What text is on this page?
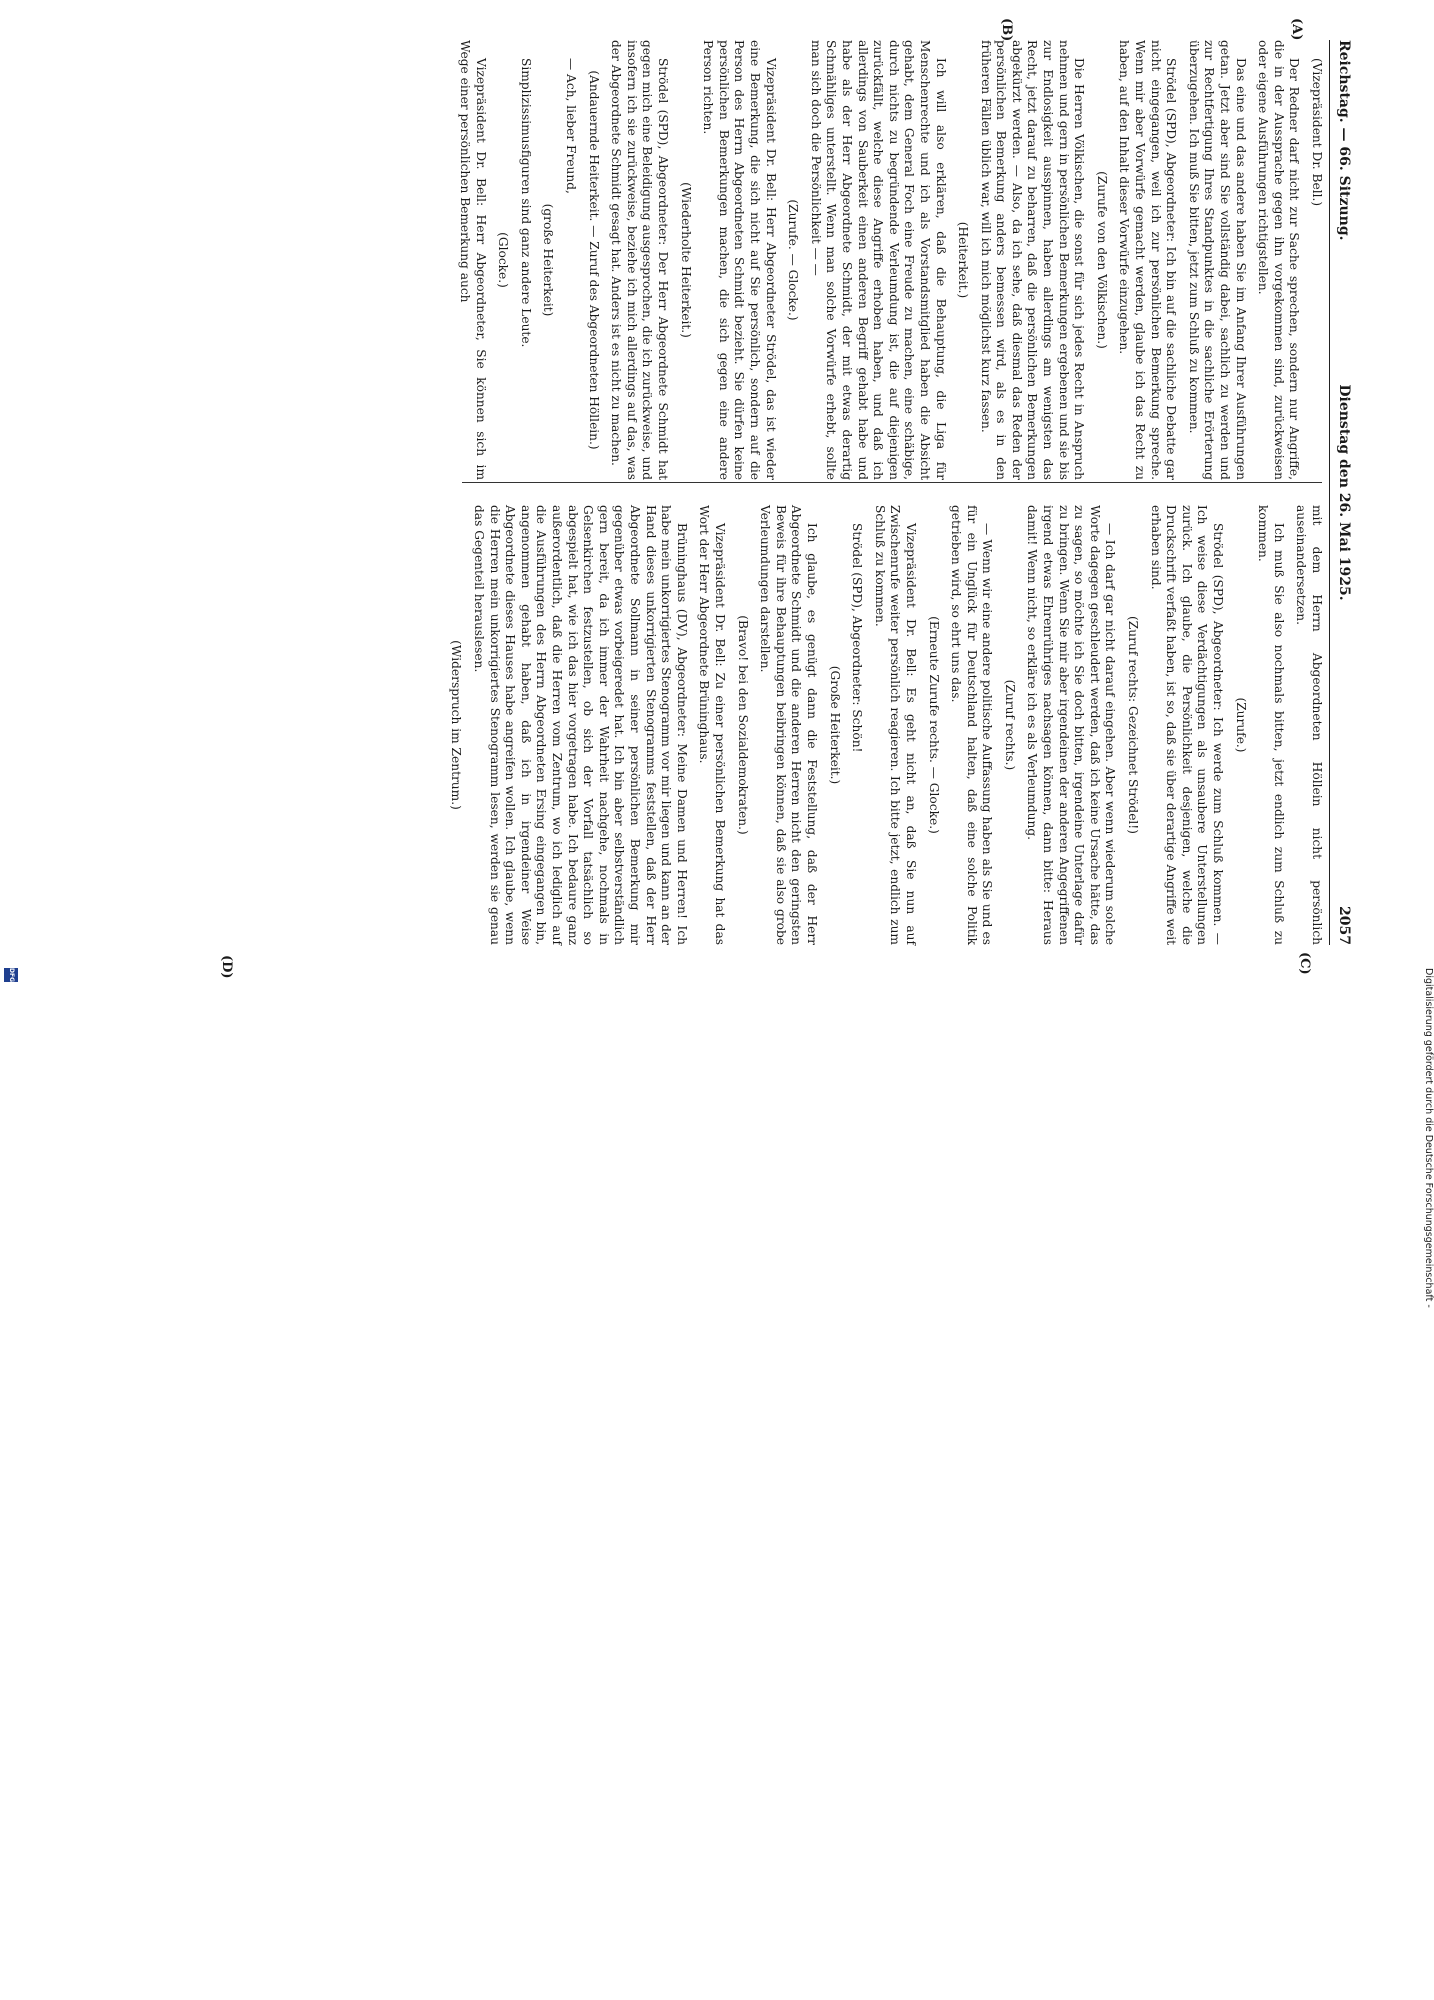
Reichstag. — 66. Sitzung.
Dienstag den 26. Mai 1925.
2057
(A)
(B)
(C)
(D)

(Vizepräsident Dr. Bell.)

Der Redner darf nicht zur Sache sprechen, sondern nur Angriffe, die in der Aussprache gegen ihn vorgekommen sind, zurückweisen oder eigene Ausführungen richtigstellen.

Das eine und das andere haben Sie im Anfang Ihrer Ausführungen getan. Jetzt aber sind Sie vollständig dabei, sachlich zu werden und zur Rechtfertigung Ihres Standpunktes in die sachliche Erörterung überzugehen. Ich muß Sie bitten, jetzt zum Schluß zu kommen.

Strödel (SPD), Abgeordneter: Ich bin auf die sachliche Debatte gar nicht eingegangen, weil ich zur persönlichen Bemerkung spreche. Wenn mir aber Vorwürfe gemacht werden, glaube ich das Recht zu haben, auf den Inhalt dieser Vorwürfe einzugehen.

(Zurufe von den Völkischen.)

Die Herren Völkischen, die sonst für sich jedes Recht in Anspruch nehmen und gern in persönlichen Bemerkungen ergebenen und sie bis zur Endlosigkeit ausspinnen, haben allerdings am wenigsten das Recht, jetzt darauf zu beharren, daß die persönlichen Bemerkungen abgekürzt werden. — Also, da ich sehe, daß diesmal das Reden der persönlichen Bemerkung anders bemessen wird, als es in den früheren Fällen üblich war, will ich mich möglichst kurz fassen.

(Heiterkeit.)

Ich will also erklären, daß die Behauptung, die Liga für Menschenrechte und ich als Vorstandsmitglied haben die Absicht gehabt, dem General Foch eine Freude zu machen, eine schäbige, durch nichts zu begründende Verleumdung ist, die auf diejenigen zurückfällt, welche diese Angriffe erhoben haben, und daß ich allerdings von Sauberkeit einen anderen Begriff gehabt habe und habe als der Herr Abgeordnete Schmidt, der mit etwas derartig Schmähliges unterstellt. Wenn man solche Vorwürfe erhebt, sollte man sich doch die Persönlichkeit — —

(Zurufe. — Glocke.)

Vizepräsident Dr. Bell: Herr Abgeordneter Strödel, das ist wieder eine Bemerkung, die sich nicht auf Sie persönlich, sondern auf die Person des Herrn Abgeordneten Schmidt bezieht. Sie dürfen keine persönlichen Bemerkungen machen, die sich gegen eine andere Person richten.

(Wiederholte Heiterkeit.)

Strödel (SPD), Abgeordneter: Der Herr Abgeordnete Schmidt hat gegen mich eine Beleidigung ausgesprochen, die ich zurückweise, und insofern ich sie zurückweise, beziehe ich mich allerdings auf das, was der Abgeordnete Schmidt gesagt hat. Anders ist es nicht zu machen.

(Andauernde Heiterkeit. — Zuruf des Abgeordneten Höllein.)

— Ach, lieber Freund,

(große Heiterkeit)

Simplizissimusfiguren sind ganz andere Leute.

(Glocke.)

Vizepräsident Dr. Bell: Herr Abgeordneter, Sie können sich im Wege einer persönlichen Bemerkung auch

mit dem Herrn Abgeordneten Höllein nicht persönlich auseinandersetzen.

Ich muß Sie also nochmals bitten, jetzt endlich zum Schluß zu kommen.

(Zurufe.)

Strödel (SPD), Abgeordneter: Ich werde zum Schluß kommen. — Ich weise diese Verdächtigungen als unsaubere Unterstellungen zurück. Ich glaube, die Persönlichkeit desjenigen, welche die Druckschrift verfaßt haben, ist so, daß sie über derartige Angriffe weit erhaben sind.

(Zuruf rechts: Gezeichnet Strödel!)

— Ich darf gar nicht darauf eingehen. Aber wenn wiederum solche Worte dagegen geschleudert werden, daß ich keine Ursache hätte, das zu sagen, so möchte ich Sie doch bitten, irgendeine Unterlage dafür zu bringen. Wenn Sie mir aber irgendeinen der anderen Angegriffenen irgend etwas Ehrenrühriges nachsagen können, dann bitte: Heraus damit! Wenn nicht, so erkläre ich es als Verleumdung.

(Zuruf rechts.)

— Wenn wir eine andere politische Auffassung haben als Sie und es für ein Unglück für Deutschland halten, daß eine solche Politik getrieben wird, so ehrt uns das.

(Erneute Zurufe rechts. — Glocke.)

Vizepräsident Dr. Bell: Es geht nicht an, daß Sie nun auf Zwischenrufe weiter persönlich reagieren. Ich bitte jetzt, endlich zum Schluß zu kommen.

Strödel (SPD), Abgeordneter: Schön!

(Große Heiterkeit.)

Ich glaube, es genügt dann die Feststellung, daß der Herr Abgeordnete Schmidt und die anderen Herren nicht den geringsten Beweis für ihre Behauptungen beibringen können, daß sie also grobe Verleumdungen darstellen.

(Bravo! bei den Sozialdemokraten.)

Vizepräsident Dr. Bell: Zu einer persönlichen Bemerkung hat das Wort der Herr Abgeordnete Brüninghaus.

Brüninghaus (DV), Abgeordneter: Meine Damen und Herren! Ich habe mein unkorrigiertes Stenogramm vor mir liegen und kann an der Hand dieses unkorrigierten Stenogramms feststellen, daß der Herr Abgeordnete Sollmann in seiner persönlichen Bemerkung mir gegenüber etwas vorbeigeredet hat. Ich bin aber selbstverständlich gern bereit, da ich immer der Wahrheit nachgehe, nochmals in Gelsenkirchen festzustellen, ob sich der Vorfall tatsächlich so abgespielt hat, wie ich das hier vorgetragen habe. Ich bedaure ganz außerordentlich, daß die Herren vom Zentrum, wo ich lediglich auf die Ausführungen des Herrn Abgeordneten Ersing eingegangen bin, angenommen gehabt haben, daß ich in irgendeiner Weise Abgeordnete dieses Hauses habe angreifen wollen. Ich glaube, wenn die Herren mein unkorrigiertes Stenogramm lesen, werden sie genau das Gegenteil herauslesen.

(Widerspruch im Zentrum.)

Digitalisierung gefördert durch die Deutsche Forschungsgemeinschaft -
DFG
